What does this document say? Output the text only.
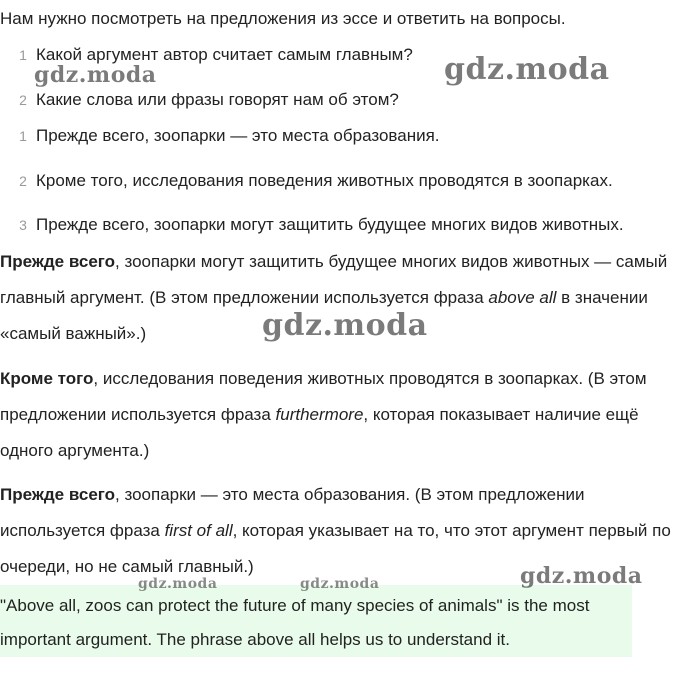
Нам нужно посмотреть на предложения из эссе и ответить на вопросы.
1 Какой аргумент автор считает самым главным?
2 Какие слова или фразы говорят нам об этом?
1 Прежде всего, зоопарки — это места образования.
2 Кроме того, исследования поведения животных проводятся в зоопарках.
3 Прежде всего, зоопарки могут защитить будущее многих видов животных.
Прежде всего, зоопарки могут защитить будущее многих видов животных — самый главный аргумент. (В этом предложении используется фраза above all в значении «самый важный».)
Кроме того, исследования поведения животных проводятся в зоопарках. (В этом предложении используется фраза furthermore, которая показывает наличие ещё одного аргумента.)
Прежде всего, зоопарки — это места образования. (В этом предложении используется фраза first of all, которая указывает на то, что этот аргумент первый по очереди, но не самый главный.)
"Above all, zoos can protect the future of many species of animals" is the most important argument. The phrase above all helps us to understand it.
gdz.moda	gdz.moda
gdz.moda
gdz.moda
gdz.moda	gdz.moda
